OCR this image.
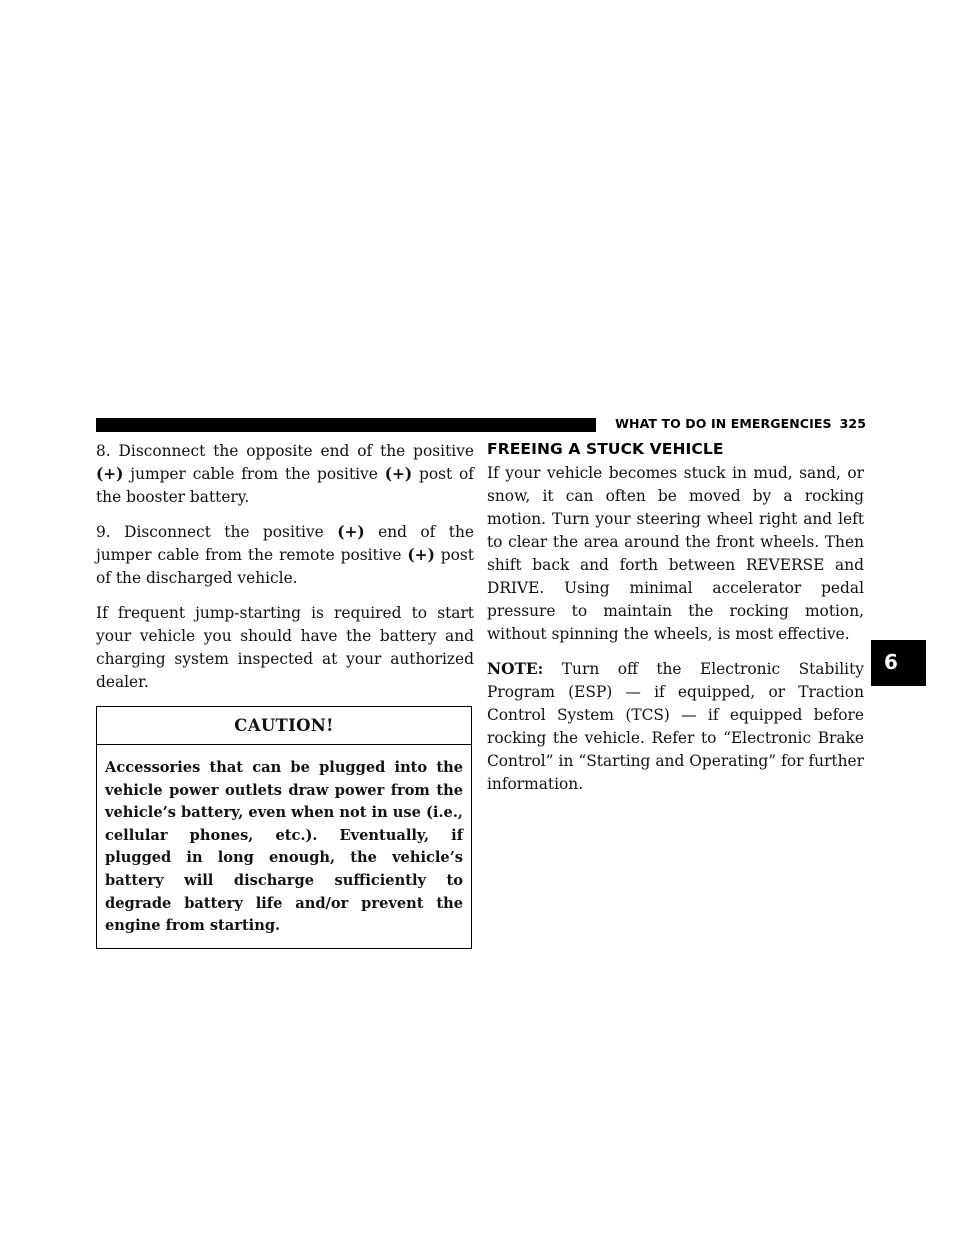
WHAT TO DO IN EMERGENCIES 325

8. Disconnect the opposite end of the positive (+) jumper cable from the positive (+) post of the booster battery.

9. Disconnect the positive (+) end of the jumper cable from the remote positive (+) post of the discharged vehicle.

If frequent jump-starting is required to start your vehicle you should have the battery and charging system inspected at your authorized dealer.

CAUTION!
Accessories that can be plugged into the vehicle power outlets draw power from the vehicle’s battery, even when not in use (i.e., cellular phones, etc.). Eventually, if plugged in long enough, the vehicle’s battery will discharge sufficiently to degrade battery life and/or prevent the engine from starting.
FREEING A STUCK VEHICLE

If your vehicle becomes stuck in mud, sand, or snow, it can often be moved by a rocking motion. Turn your steering wheel right and left to clear the area around the front wheels. Then shift back and forth between REVERSE and DRIVE. Using minimal accelerator pedal pressure to maintain the rocking motion, without spinning the wheels, is most effective.

NOTE: Turn off the Electronic Stability Program (ESP) — if equipped, or Traction Control System (TCS) — if equipped before rocking the vehicle. Refer to “Electronic Brake Control” in “Starting and Operating” for further information.

6
